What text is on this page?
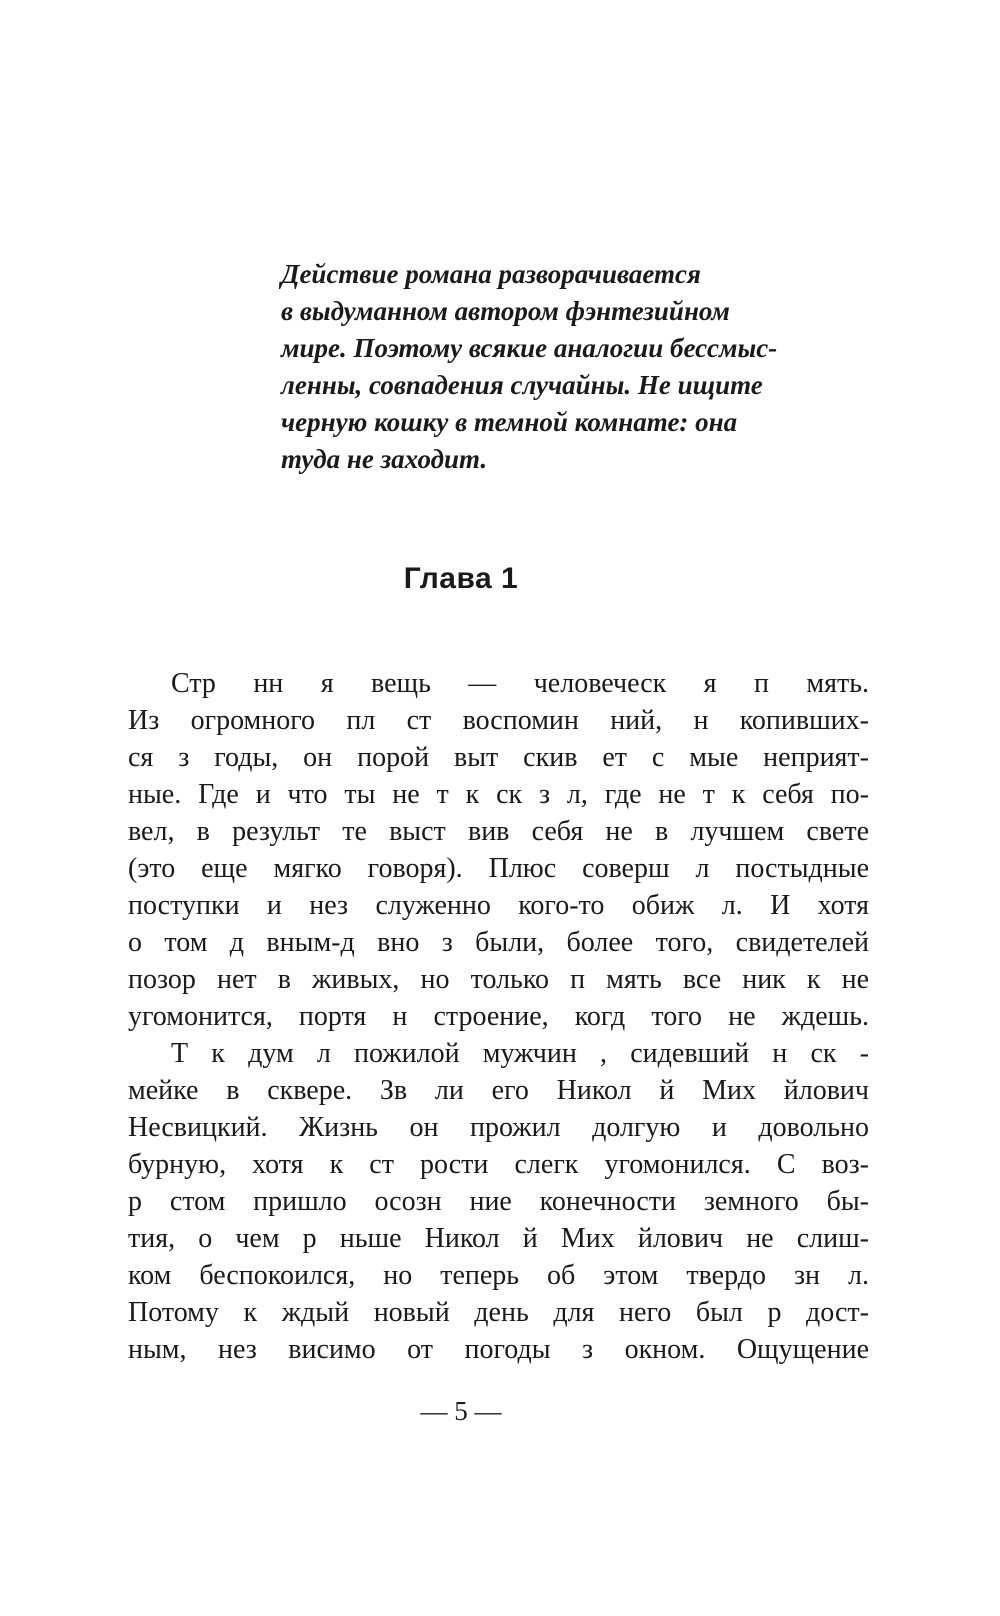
Действие романа разворачивается
в выдуманном автором фэнтезийном
мире. Поэтому всякие аналогии бессмыс-
ленны, совпадения случайны. Не ищите
черную кошку в темной комнате: она
туда не заходит.
Глава 1
Стр нн я вещь — человеческ я п мять.
Из огромного пл ст воспомин ний, н копивших-
ся з годы, он порой выт скив ет с мые неприят-
ные. Где и что ты не т к ск з л, где не т к себя по-
вел, в результ те выст вив себя не в лучшем свете
(это еще мягко говоря). Плюс соверш л постыдные
поступки и нез служенно кого-то обиж л. И хотя
о том д вным-д вно з были, более того, свидетелей
позор нет в живых, но только п мять все ник к не
угомонится, портя н строение, когд того не ждешь.
Т к дум л пожилой мужчин , сидевший н ск -
мейке в сквере. Зв ли его Никол й Мих йлович
Несвицкий. Жизнь он прожил долгую и довольно
бурную, хотя к ст рости слегк угомонился. С воз-
р стом пришло осозн ние конечности земного бы-
тия, о чем р ньше Никол й Мих йлович не слиш-
ком беспокоился, но теперь об этом твердо зн л.
Потому к ждый новый день для него был р дост-
ным, нез висимо от погоды з окном. Ощущение
— 5 —
